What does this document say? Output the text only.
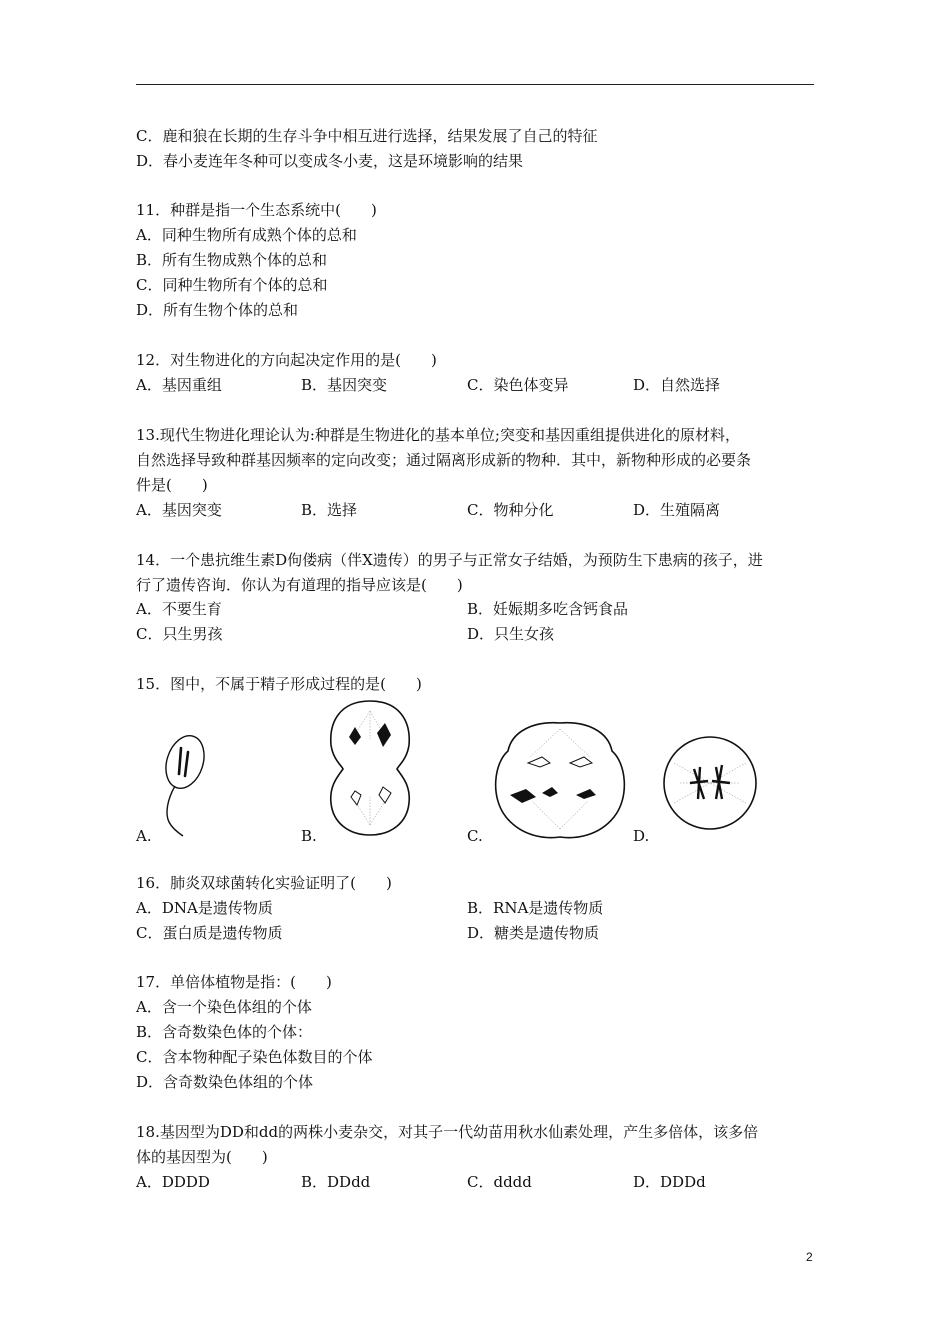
C．鹿和狼在长期的生存斗争中相互进行选择，结果发展了自己的特征
D．春小麦连年冬种可以变成冬小麦，这是环境影响的结果
11．种群是指一个生态系统中(　　)
A．同种生物所有成熟个体的总和
B．所有生物成熟个体的总和
C．同种生物所有个体的总和
D．所有生物个体的总和
12．对生物进化的方向起决定作用的是(　　)
A．基因重组	B．基因突变	C．染色体变异	D．自然选择
13.现代生物进化理论认为:种群是生物进化的基本单位;突变和基因重组提供进化的原材料，
自然选择导致种群基因频率的定向改变；通过隔离形成新的物种．其中，新物种形成的必要条
件是(　　)
A．基因突变	B．选择	C．物种分化	D．生殖隔离
14．一个患抗维生素D佝偻病（伴X遗传）的男子与正常女子结婚，为预防生下患病的孩子，进
行了遗传咨询．你认为有道理的指导应该是(　　)
A．不要生育	B．妊娠期多吃含钙食品
C．只生男孩	D．只生女孩
15．图中，不属于精子形成过程的是(　　)
A.	B.	C.	D.
16．肺炎双球菌转化实验证明了(　　)
A．DNA是遗传物质	B．RNA是遗传物质
C．蛋白质是遗传物质	D．糖类是遗传物质
17．单倍体植物是指：(　　)
A．含一个染色体组的个体
B．含奇数染色体的个体：
C．含本物种配子染色体数目的个体
D．含奇数染色体组的个体
18.基因型为DD和dd的两株小麦杂交，对其子一代幼苗用秋水仙素处理，产生多倍体，该多倍
体的基因型为(　　)
A．DDDD	B．DDdd	C．dddd	D．DDDd
2
